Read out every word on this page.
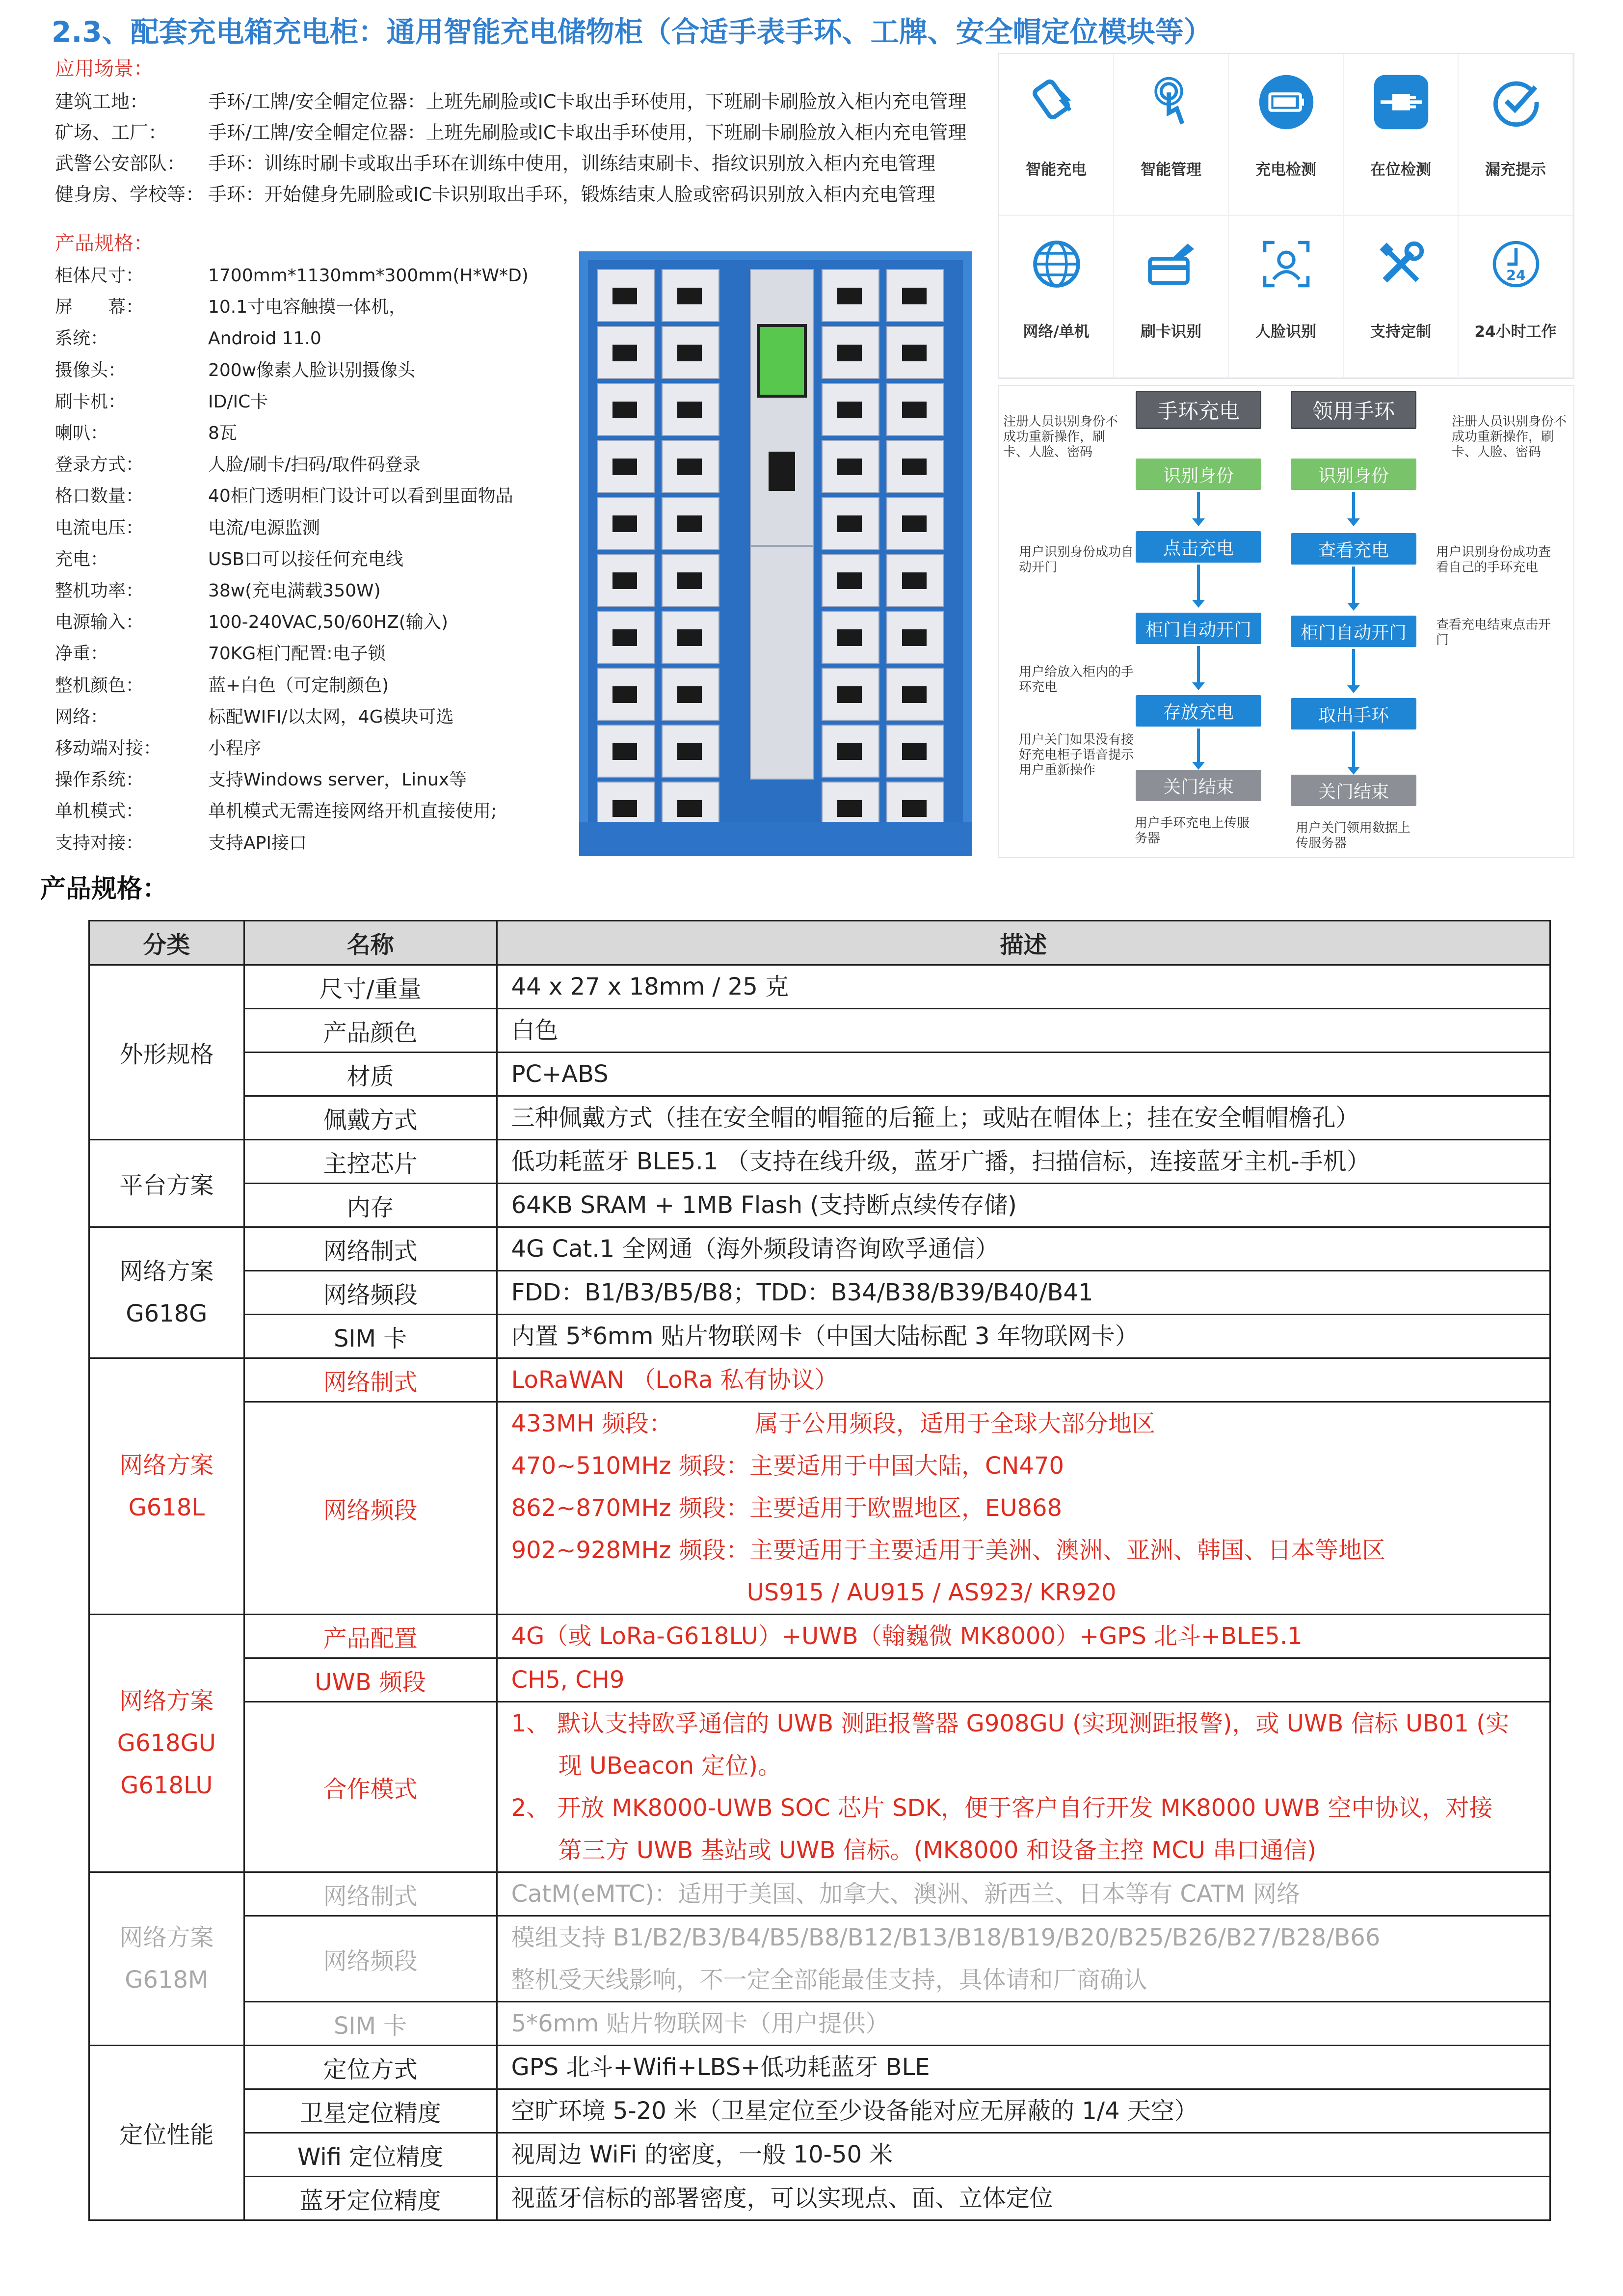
2.3、配套充电箱充电柜：通用智能充电储物柜（合适手表手环、工牌、安全帽定位模块等）
应用场景：
建筑工地：	手环/工牌/安全帽定位器：上班先刷脸或IC卡取出手环使用，下班刷卡刷脸放入柜内充电管理
矿场、工厂：	手环/工牌/安全帽定位器：上班先刷脸或IC卡取出手环使用，下班刷卡刷脸放入柜内充电管理
武警公安部队：	手环：训练时刷卡或取出手环在训练中使用，训练结束刷卡、指纹识别放入柜内充电管理
健身房、学校等： 手环：开始健身先刷脸或IC卡识别取出手环，锻炼结束人脸或密码识别放入柜内充电管理
产品规格：
柜体尺寸：	1700mm*1130mm*300mm(H*W*D)
屏　　幕：	10.1寸电容触摸一体机，
系统：	Android 11.0
摄像头：	200w像素人脸识别摄像头
刷卡机：	ID/IC卡
喇叭：	8瓦
登录方式：	人脸/刷卡/扫码/取件码登录
格口数量：	40柜门透明柜门设计可以看到里面物品
电流电压：	电流/电源监测
充电：	USB口可以接任何充电线
整机功率：	38w(充电满载350W)
电源输入：	100-240VAC,50/60HZ(输入)
净重：	70KG柜门配置:电子锁
整机颜色：	蓝+白色（可定制颜色)
网络：	标配WIFI/以太网，4G模块可选
移动端对接：	小程序
操作系统：	支持Windows server，Linux等
单机模式：	单机模式无需连接网络开机直接使用;
支持对接：	支持API接口
智能充电	智能管理	充电检测	在位检测	漏充提示
网络/单机	刷卡识别	人脸识别	支持定制
24
24小时工作
手环充电	领用手环
注册人员识别身份不成功重新操作，刷卡、人脸、密码
注册人员识别身份不成功重新操作，刷卡、人脸、密码
识别身份	识别身份
用户识别身份成功自动开门
用户识别身份成功查看自己的手环充电
点击充电	查看充电
查看充电结束点击开门
柜门自动开门	柜门自动开门
用户给放入柜内的手环充电
存放充电	取出手环
用户关门如果没有接好充电柜子语音提示用户重新操作
关门结束	关门结束
用户手环充电上传服务器
用户关门领用数据上传服务器
产品规格：
分类	名称	描述
外形规格	尺寸/重量	44 x 27 x 18mm / 25 克

	产品颜色	白色

	材质	PC+ABS

	佩戴方式	三种佩戴方式（挂在安全帽的帽箍的后箍上；或贴在帽体上；挂在安全帽帽檐孔）

平台方案	主控芯片	低功耗蓝牙 BLE5.1 （支持在线升级，蓝牙广播，扫描信标，连接蓝牙主机-手机）

	内存	64KB SRAM + 1MB Flash (支持断点续传存储)

网络方案
G618G	网络制式	4G Cat.1 全网通（海外频段请咨询欧孚通信）

	网络频段	FDD：B1/B3/B5/B8；TDD：B34/B38/B39/B40/B41

	SIM 卡	内置 5*6mm 贴片物联网卡（中国大陆标配 3 年物联网卡）

网络方案
G618L	网络制式	LoRaWAN （LoRa 私有协议）

	网络频段	433MH 频段：　　　　属于公用频段，适用于全球大部分地区
470~510MHz 频段：主要适用于中国大陆，CN470
862~870MHz 频段：主要适用于欧盟地区，EU868
902~928MHz 频段：主要适用于主要适用于美洲、澳洲、亚洲、韩国、日本等地区
　　　　　　　　　　US915 / AU915 / AS923/ KR920

网络方案
G618GU
G618LU	产品配置	4G（或 LoRa-G618LU）+UWB（翰巍微 MK8000）+GPS 北斗+BLE5.1

	UWB 频段	CH5, CH9

	合作模式	1、 默认支持欧孚通信的 UWB 测距报警器 G908GU (实现测距报警)，或 UWB 信标 UB01 (实
　　现 UBeacon 定位)。
2、 开放 MK8000-UWB SOC 芯片 SDK，便于客户自行开发 MK8000 UWB 空中协议，对接
　　第三方 UWB 基站或 UWB 信标。(MK8000 和设备主控 MCU 串口通信)

网络方案
G618M	网络制式	CatM(eMTC)：适用于美国、加拿大、澳洲、新西兰、日本等有 CATM 网络

	网络频段	模组支持 B1/B2/B3/B4/B5/B8/B12/B13/B18/B19/B20/B25/B26/B27/B28/B66
整机受天线影响，不一定全部能最佳支持，具体请和厂商确认

	SIM 卡	5*6mm 贴片物联网卡（用户提供）

定位性能	定位方式	GPS 北斗+Wifi+LBS+低功耗蓝牙 BLE

	卫星定位精度	空旷环境 5-20 米（卫星定位至少设备能对应无屏蔽的 1/4 天空）

	Wifi 定位精度	视周边 WiFi 的密度，一般 10-50 米

	蓝牙定位精度	视蓝牙信标的部署密度，可以实现点、面、立体定位
